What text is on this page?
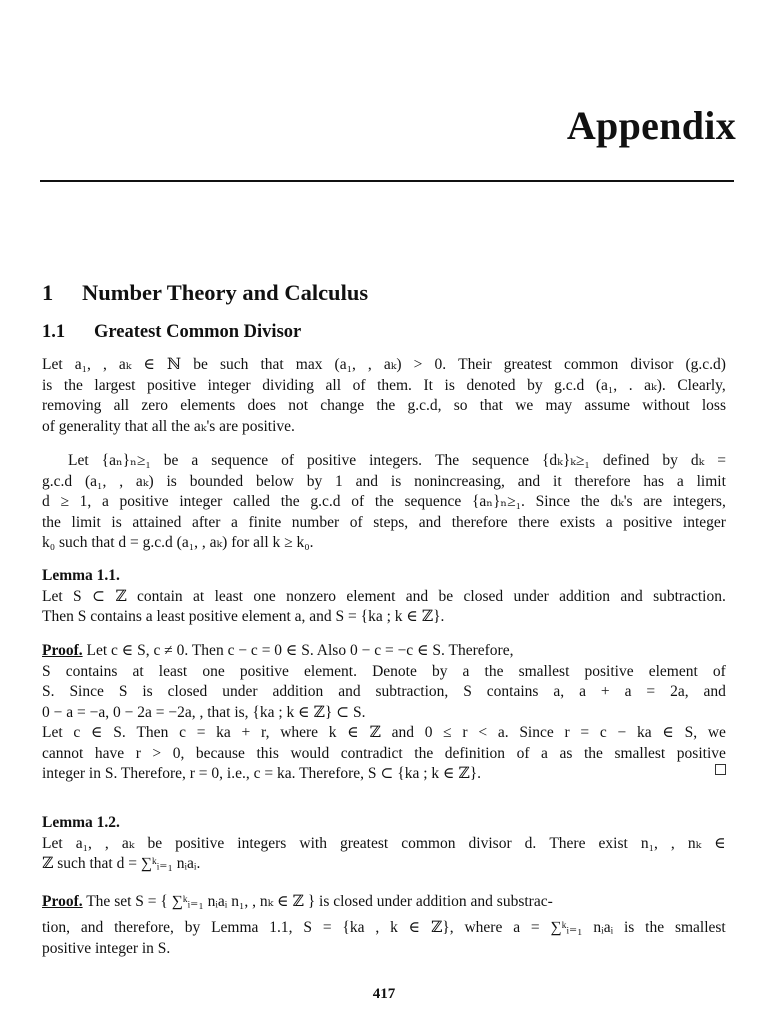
Appendix
1 Number Theory and Calculus
1.1 Greatest Common Divisor
Let a₁, , aₖ ∈ ℕ be such that max (a₁, , aₖ) > 0. Their greatest common divisor (g.c.d)
is the largest positive integer dividing all of them. It is denoted by g.c.d (a₁, . aₖ). Clearly,
removing all zero elements does not change the g.c.d, so that we may assume without loss
of generality that all the aₖ's are positive.
Let {aₙ}ₙ≥₁ be a sequence of positive integers. The sequence {dₖ}ₖ≥₁ defined by dₖ =
g.c.d (a₁, , aₖ) is bounded below by 1 and is nonincreasing, and it therefore has a limit
d ≥ 1, a positive integer called the g.c.d of the sequence {aₙ}ₙ≥₁. Since the dₖ's are integers,
the limit is attained after a finite number of steps, and therefore there exists a positive integer
k₀ such that d = g.c.d (a₁, , aₖ) for all k ≥ k₀.
Lemma 1.1.
Let S ⊂ ℤ contain at least one nonzero element and be closed under addition and subtraction.
Then S contains a least positive element a, and S = {ka ; k ∈ ℤ}.
Proof. Let c ∈ S, c ≠ 0. Then c − c = 0 ∈ S. Also 0 − c = −c ∈ S. Therefore,
S contains at least one positive element. Denote by a the smallest positive element of
S. Since S is closed under addition and subtraction, S contains a, a + a = 2a, and
0 − a = −a, 0 − 2a = −2a, , that is, {ka ; k ∈ ℤ} ⊂ S.
Let c ∈ S. Then c = ka + r, where k ∈ ℤ and 0 ≤ r < a. Since r = c − ka ∈ S, we
cannot have r > 0, because this would contradict the definition of a as the smallest positive
integer in S. Therefore, r = 0, i.e., c = ka. Therefore, S ⊂ {ka ; k ∈ ℤ}.
Lemma 1.2.
Let a₁, , aₖ be positive integers with greatest common divisor d. There exist n₁, , nₖ ∈
ℤ such that d = ∑ᵏᵢ₌₁ nᵢaᵢ.
Proof. The set S = { ∑ᵏᵢ₌₁ nᵢaᵢ n₁, , nₖ ∈ ℤ } is closed under addition and substrac-
tion, and therefore, by Lemma 1.1, S = {ka , k ∈ ℤ}, where a = ∑ᵏᵢ₌₁ nᵢaᵢ is the smallest
positive integer in S.
417
